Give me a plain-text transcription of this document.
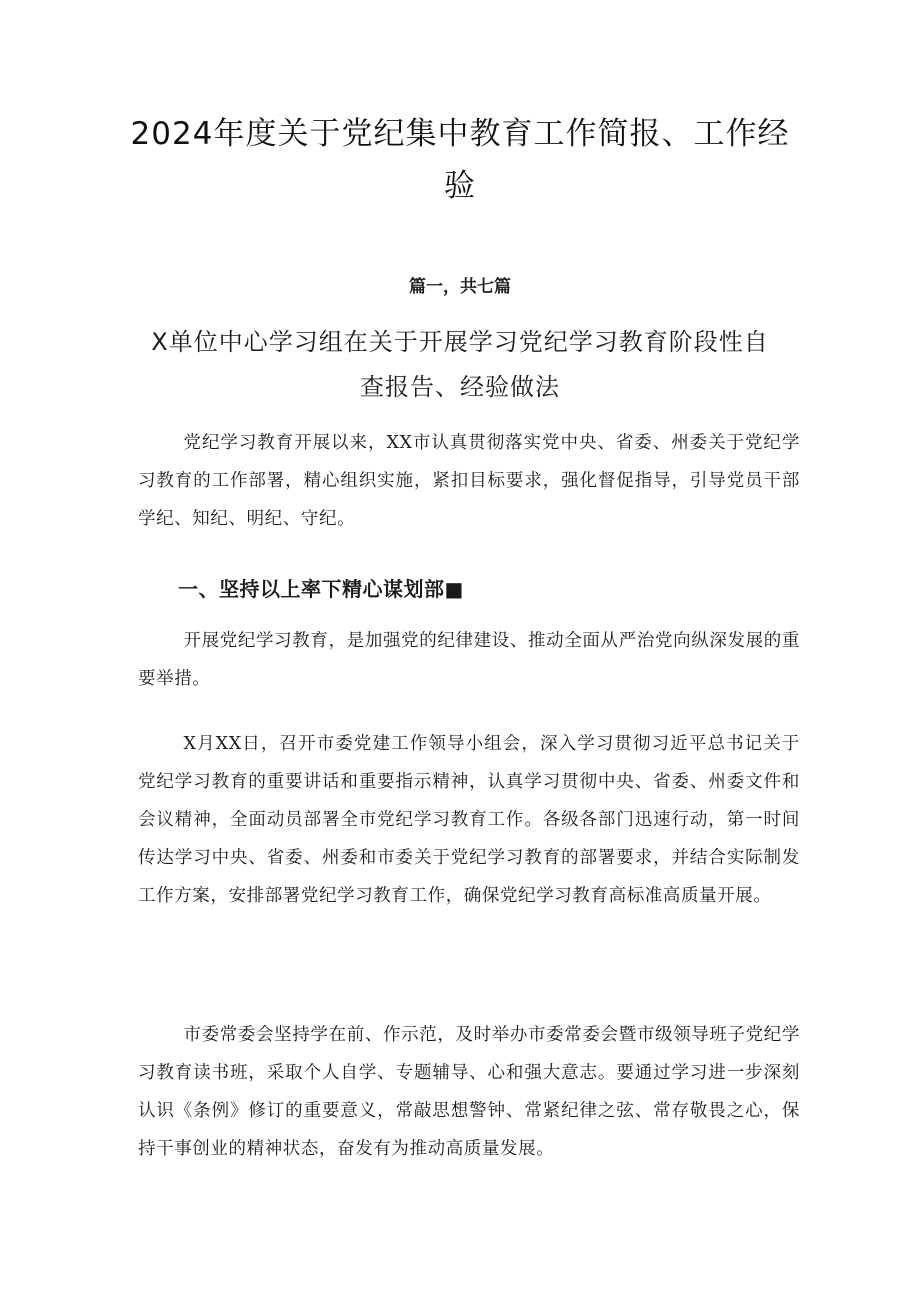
2024年度关于党纪集中教育工作简报、工作经验

篇一，共七篇

X单位中心学习组在关于开展学习党纪学习教育阶段性自查报告、经验做法

党纪学习教育开展以来，XX市认真贯彻落实党中央、省委、州委关于党纪学习教育的工作部署，精心组织实施，紧扣目标要求，强化督促指导，引导党员干部学纪、知纪、明纪、守纪。

一、坚持以上率下精心谋划部■

开展党纪学习教育，是加强党的纪律建设、推动全面从严治党向纵深发展的重要举措。

X月XX日，召开市委党建工作领导小组会，深入学习贯彻习近平总书记关于党纪学习教育的重要讲话和重要指示精神，认真学习贯彻中央、省委、州委文件和会议精神，全面动员部署全市党纪学习教育工作。各级各部门迅速行动，第一时间传达学习中央、省委、州委和市委关于党纪学习教育的部署要求，并结合实际制发工作方案，安排部署党纪学习教育工作，确保党纪学习教育高标准高质量开展。

市委常委会坚持学在前、作示范，及时举办市委常委会暨市级领导班子党纪学习教育读书班，采取个人自学、专题辅导、心和强大意志。要通过学习进一步深刻认识《条例》修订的重要意义，常敲思想警钟、常紧纪律之弦、常存敬畏之心，保持干事创业的精神状态，奋发有为推动高质量发展。
